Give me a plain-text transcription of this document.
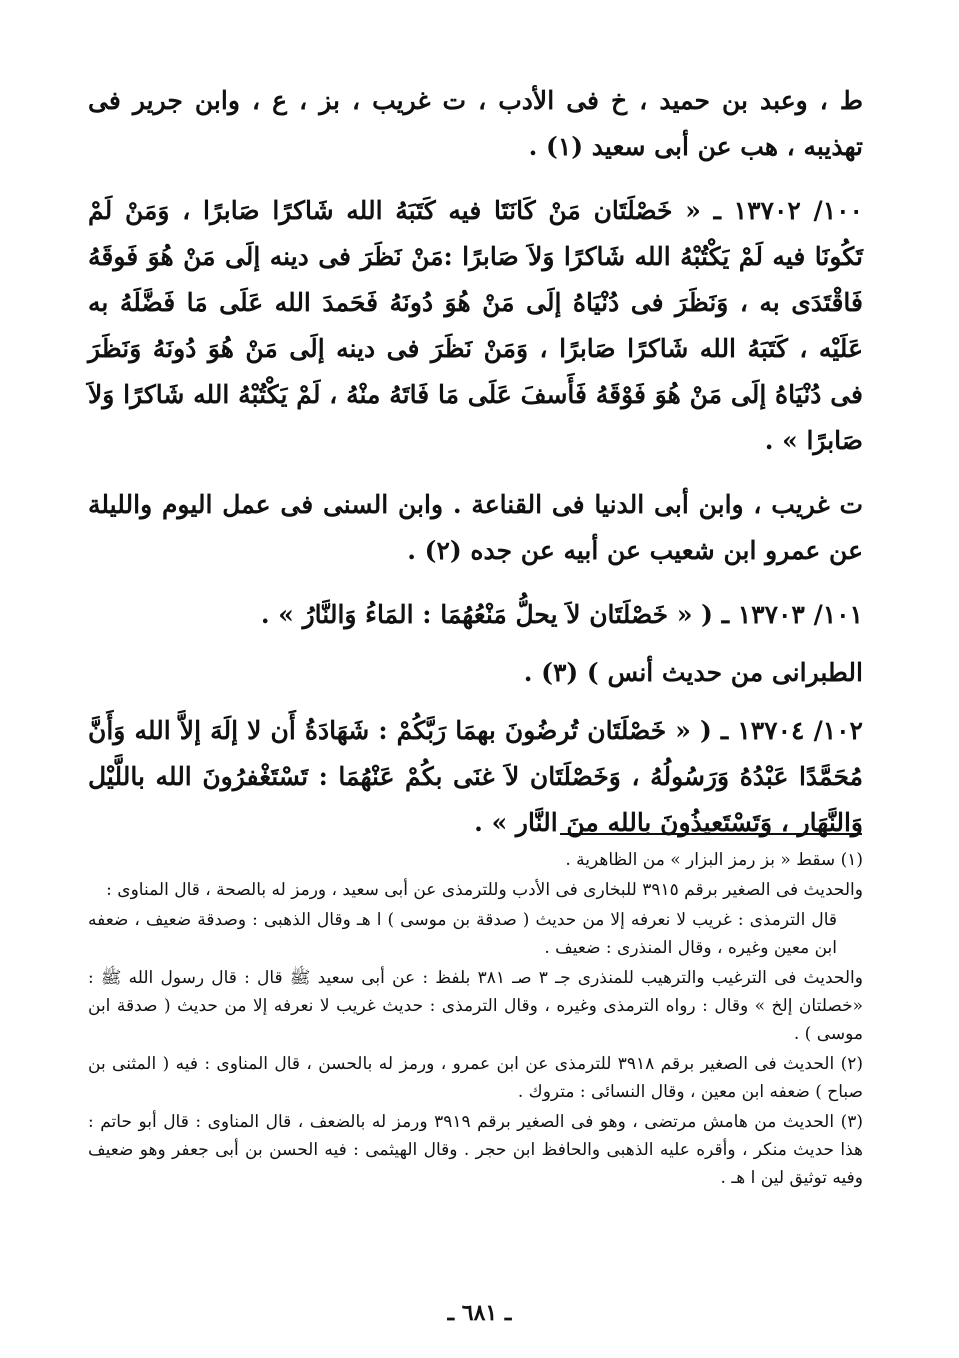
ط ، وعبد بن حميد ، خ فى الأدب ، ت غريب ، بز ، ع ، وابن جرير فى تهذيبه ، هب عن أبى سعيد (١) .

١٠٠/ ١٣٧٠٢ ـ « خَصْلَتَان مَنْ كَانَتَا فيه كَتَبَهُ الله شَاكرًا صَابرًا ، وَمَنْ لَمْ تَكُونَا فيه لَمْ يَكْتُبْهُ الله شَاكرًا وَلاَ صَابرًا :مَنْ نَظَرَ فى دينه إلَى مَنْ هُوَ فَوقَهُ فَاقْتَدَى به ، وَنَظَرَ فى دُنْيَاهُ إلَى مَنْ هُوَ دُونَهُ فَحَمدَ الله عَلَى مَا فَضَّلَهُ به عَلَيْه ، كَتَبَهُ الله شَاكرًا صَابرًا ، وَمَنْ نَظَرَ فى دينه إلَى مَنْ هُوَ دُونَهُ وَنَظَرَ فى دُنْيَاهُ إلَى مَنْ هُوَ فَوْقَهُ فَأَسفَ عَلَى مَا فَاتَهُ منْهُ ، لَمْ يَكْتُبْهُ الله شَاكرًا وَلاَ صَابرًا » .

ت غريب ، وابن أبى الدنيا فى القناعة . وابن السنى فى عمل اليوم والليلة عن عمرو ابن شعيب عن أبيه عن جده (٢) .

١٠١/ ١٣٧٠٣ ـ ( « خَصْلَتَان لاَ يحلُّ مَنْعُهُمَا : المَاءُ وَالنَّارُ » .

الطبرانى من حديث أنس ) (٣) .

١٠٢/ ١٣٧٠٤ ـ ( « خَصْلَتَان تُرضُونَ بهمَا رَبَّكُمْ : شَهَادَةُ أَن لا إلَهَ إلاَّ الله وَأَنَّ مُحَمَّدًا عَبْدُهُ وَرَسُولُهُ ، وَخَصْلَتَان لاَ غنَى بكُمْ عَنْهُمَا : تَسْتَغْفرُونَ الله باللَّيْل وَالنَّهَار ، وَتَسْتَعيذُونَ بالله منَ النَّار » .

(١) سقط « بز رمز البزار » من الظاهرية .

والحديث فى الصغير برقم ٣٩١٥ للبخارى فى الأدب وللترمذى عن أبى سعيد ، ورمز له بالصحة ، قال المناوى :

قال الترمذى : غريب لا نعرفه إلا من حديث ( صدقة بن موسى ) ا هـ وقال الذهبى : وصدقة ضعيف ، ضعفه ابن معين وغيره ، وقال المنذرى : ضعيف .

والحديث فى الترغيب والترهيب للمنذرى جـ ٣ صـ ٣٨١ بلفظ : عن أبى سعيد ﷺ قال : قال رسول الله ﷺ : «خصلتان إلخ » وقال : رواه الترمذى وغيره ، وقال الترمذى : حديث غريب لا نعرفه إلا من حديث ( صدقة ابن موسى ) .

(٢) الحديث فى الصغير برقم ٣٩١٨ للترمذى عن ابن عمرو ، ورمز له بالحسن ، قال المناوى : فيه ( المثنى بن صباح ) ضعفه ابن معين ، وقال النسائى : متروك .

(٣) الحديث من هامش مرتضى ، وهو فى الصغير برقم ٣٩١٩ ورمز له بالضعف ، قال المناوى : قال أبو حاتم : هذا حديث منكر ، وأقره عليه الذهبى والحافظ ابن حجر . وقال الهيثمى : فيه الحسن بن أبى جعفر وهو ضعيف وفيه توثيق لين ا هـ .

ـ ٦٨١ ـ
